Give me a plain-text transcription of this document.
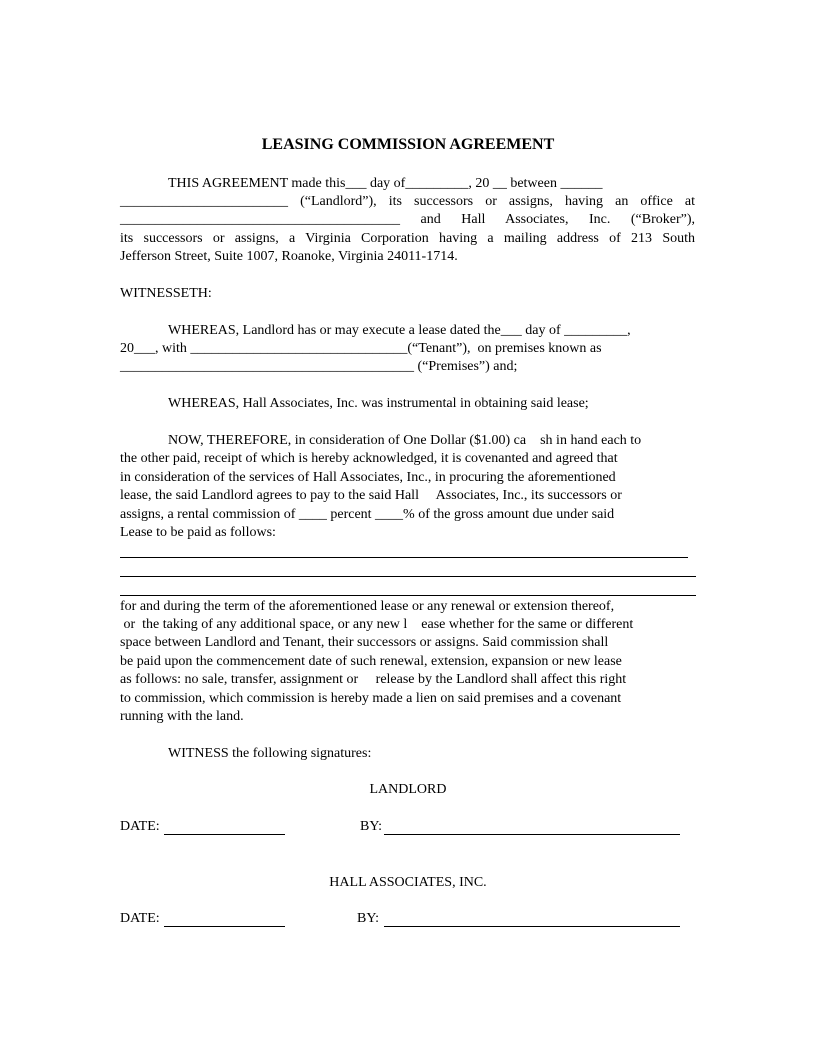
LEASING COMMISSION AGREEMENT

THIS AGREEMENT made this___ day of_________, 20 __ between ______

________________________ (“Landlord”), its successors or assigns, having an office at

________________________________________ and Hall Associates, Inc. (“Broker”),

its successors or assigns, a Virginia Corporation having a mailing address of 213 South

Jefferson Street, Suite 1007, Roanoke, Virginia 24011-1714.

WITNESSETH:

WHEREAS, Landlord has or may execute a lease dated the___ day of _________,

20___, with _______________________________(“Tenant”),  on premises known as

__________________________________________ (“Premises”) and;

WHEREAS, Hall Associates, Inc. was instrumental in obtaining said lease;

NOW, THEREFORE, in consideration of One Dollar ($1.00) ca    sh in hand each to

the other paid, receipt of which is hereby acknowledged, it is covenanted and agreed that

in consideration of the services of Hall Associates, Inc., in procuring the aforementioned

lease, the said Landlord agrees to pay to the said Hall     Associates, Inc., its successors or

assigns, a rental commission of ____ percent ____% of the gross amount due under said

Lease to be paid as follows:

for and during the term of the aforementioned lease or any renewal or extension thereof,

or  the taking of any additional space, or any new l    ease whether for the same or different

space between Landlord and Tenant, their successors or assigns. Said commission shall

be paid upon the commencement date of such renewal, extension, expansion or new lease

as follows: no sale, transfer, assignment or     release by the Landlord shall affect this right

to commission, which commission is hereby made a lien on said premises and a covenant

running with the land.

WITNESS the following signatures:

LANDLORD

DATE:	BY:

HALL ASSOCIATES, INC.

DATE:	BY:
